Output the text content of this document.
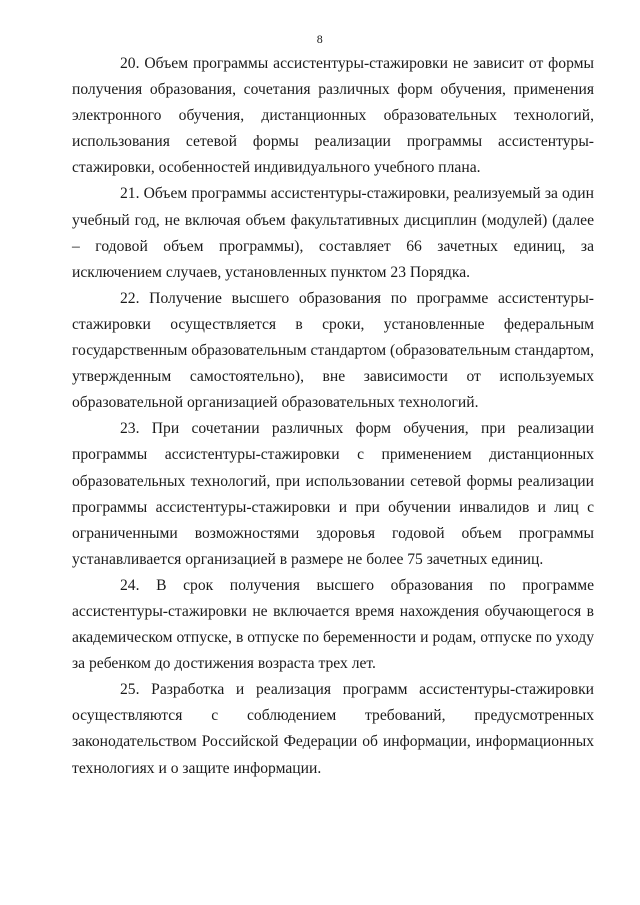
8

20. Объем программы ассистентуры-стажировки не зависит от формы получения образования, сочетания различных форм обучения, применения электронного обучения, дистанционных образовательных технологий, использования сетевой формы реализации программы ассистентуры-стажировки, особенностей индивидуального учебного плана.

21. Объем программы ассистентуры-стажировки, реализуемый за один учебный год, не включая объем факультативных дисциплин (модулей) (далее – годовой объем программы), составляет 66 зачетных единиц, за исключением случаев, установленных пунктом 23 Порядка.

22. Получение высшего образования по программе ассистентуры-стажировки осуществляется в сроки, установленные федеральным государственным образовательным стандартом (образовательным стандартом, утвержденным самостоятельно), вне зависимости от используемых образовательной организацией образовательных технологий.

23. При сочетании различных форм обучения, при реализации программы ассистентуры-стажировки с применением дистанционных образовательных технологий, при использовании сетевой формы реализации программы ассистентуры-стажировки и при обучении инвалидов и лиц с ограниченными возможностями здоровья годовой объем программы устанавливается организацией в размере не более 75 зачетных единиц.

24. В срок получения высшего образования по программе ассистентуры-стажировки не включается время нахождения обучающегося в академическом отпуске, в отпуске по беременности и родам, отпуске по уходу за ребенком до достижения возраста трех лет.

25. Разработка и реализация программ ассистентуры-стажировки осуществляются с соблюдением требований, предусмотренных законодательством Российской Федерации об информации, информационных технологиях и о защите информации.
